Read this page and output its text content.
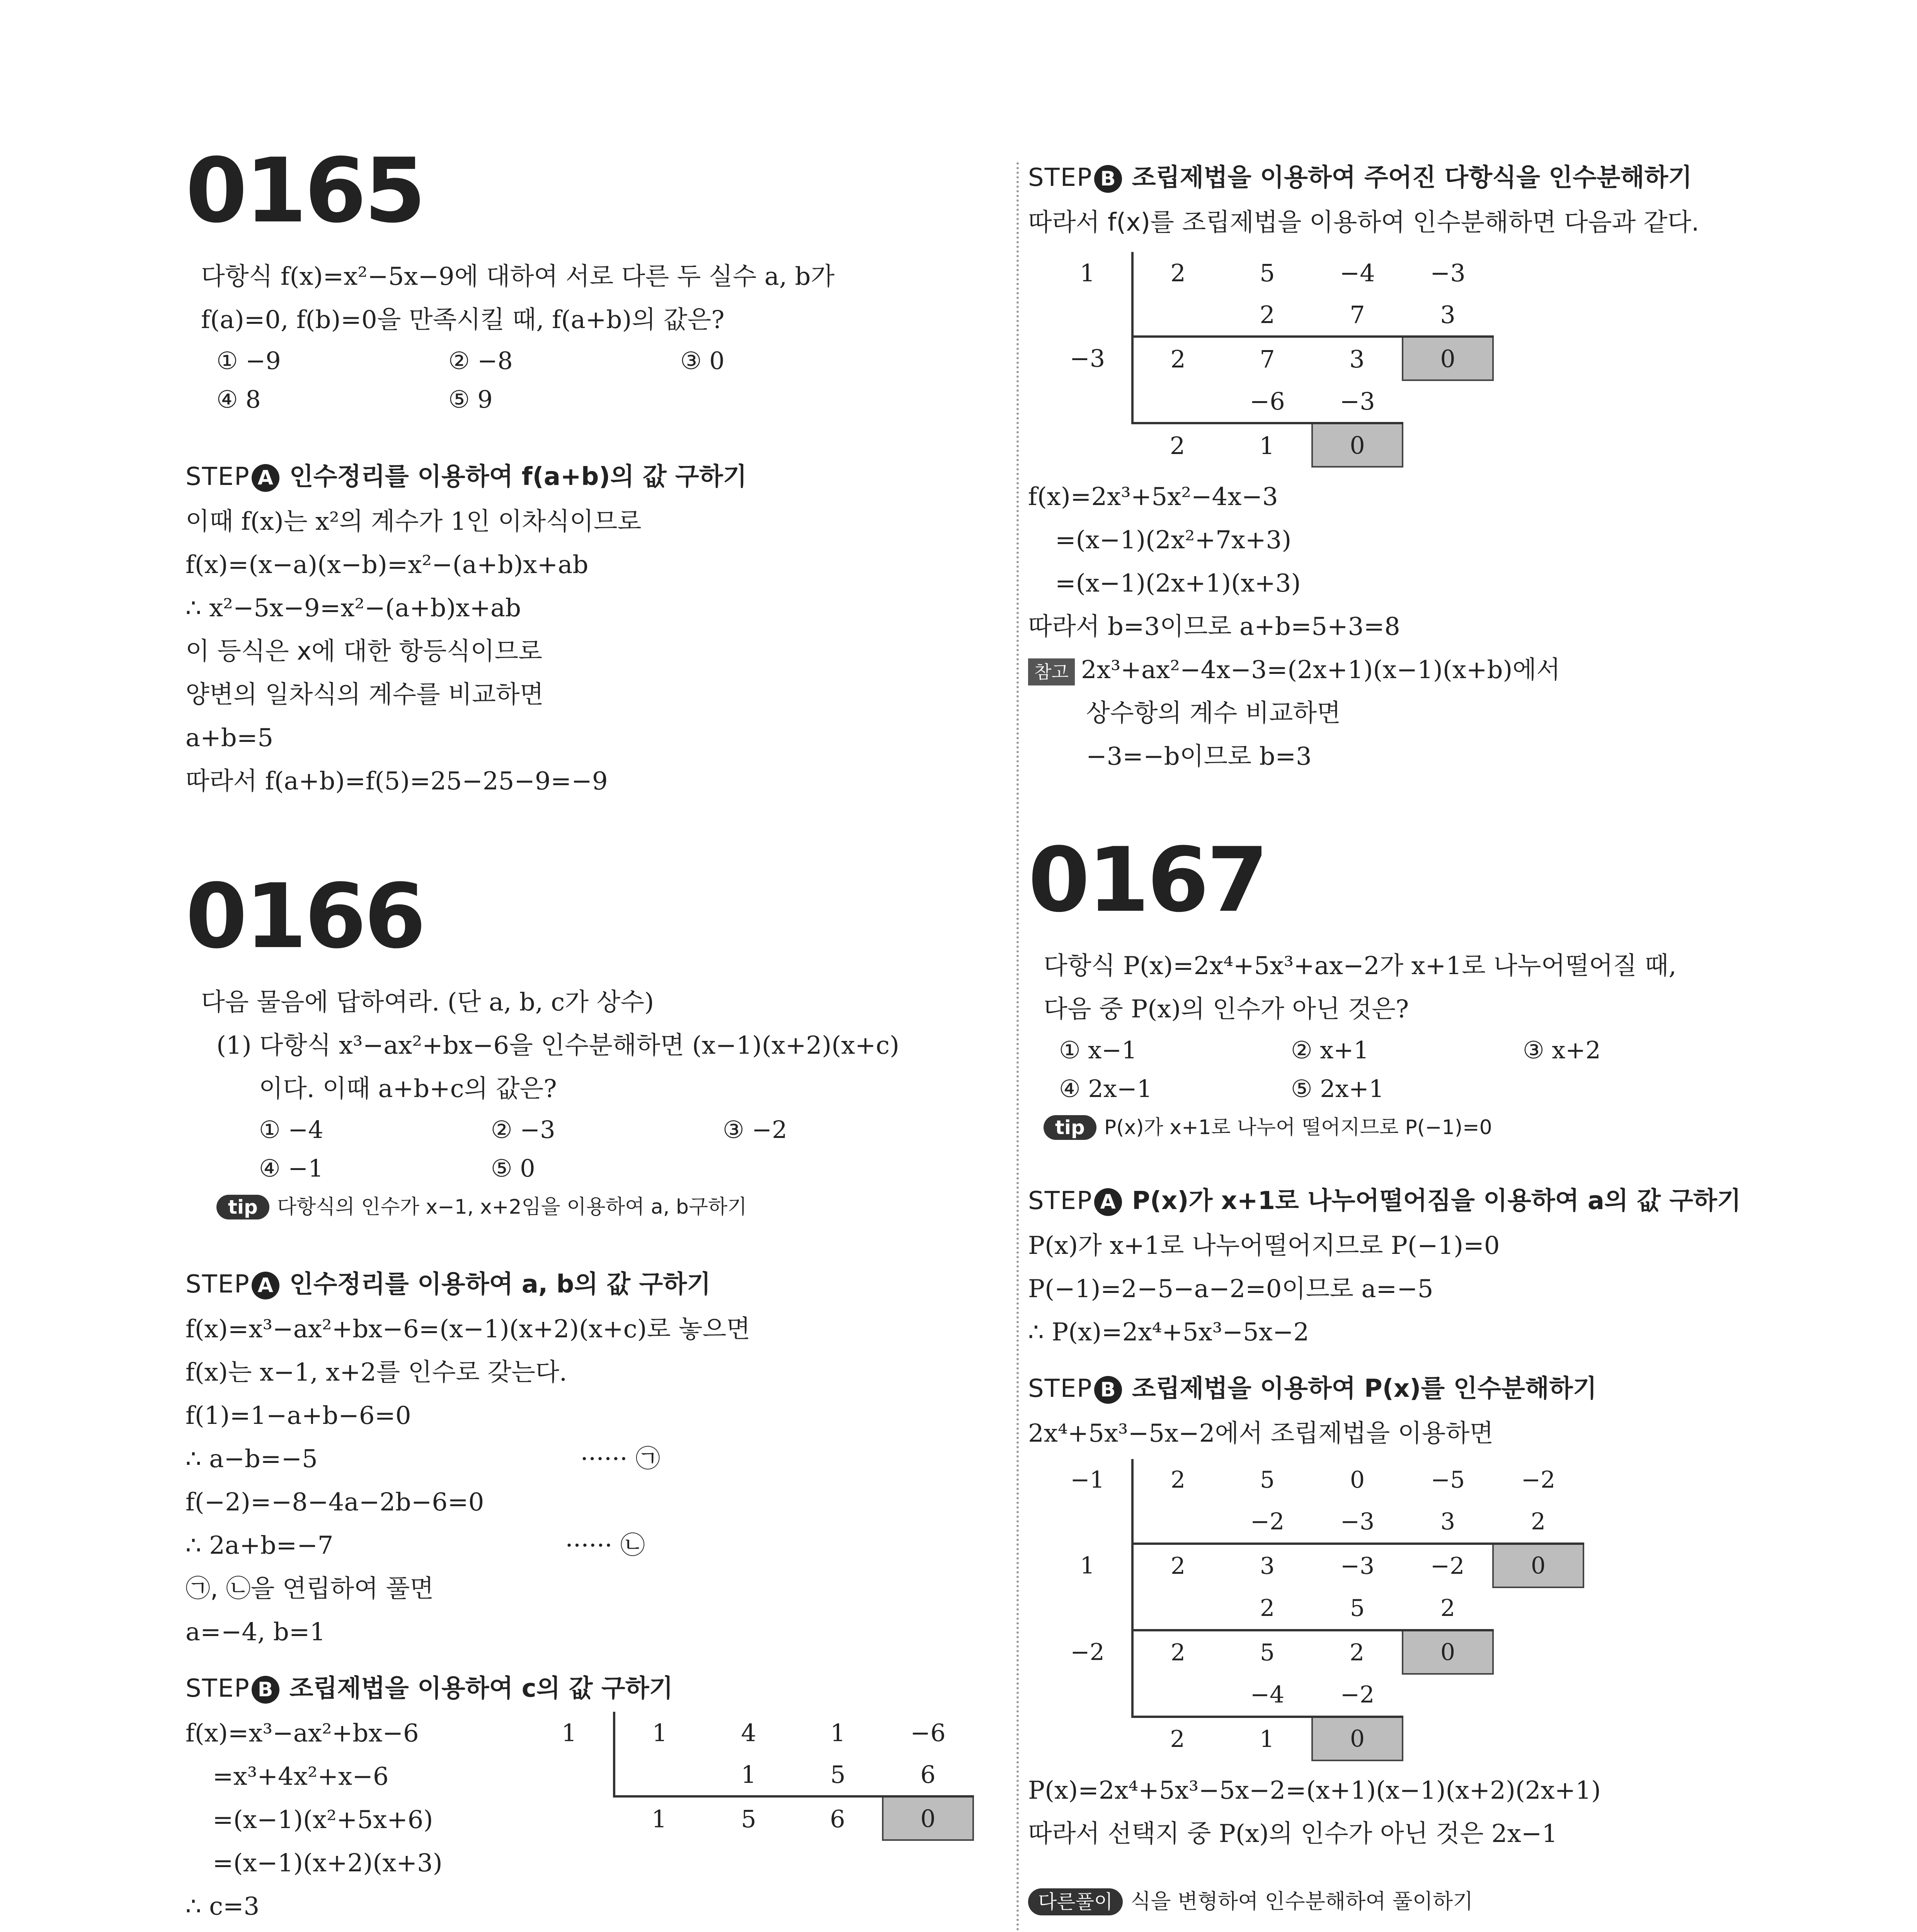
0165
다항식 f(x)=x²−5x−9에 대하여 서로 다른 두 실수 a, b가
f(a)=0, f(b)=0을 만족시킬 때, f(a+b)의 값은?
① −9	② −8	③ 0
④ 8	⑤ 9
STEP A 인수정리를 이용하여 f(a+b)의 값 구하기
이때 f(x)는 x²의 계수가 1인 이차식이므로
f(x)=(x−a)(x−b)=x²−(a+b)x+ab
∴ x²−5x−9=x²−(a+b)x+ab
이 등식은 x에 대한 항등식이므로
양변의 일차식의 계수를 비교하면
a+b=5
따라서 f(a+b)=f(5)=25−25−9=−9
0166
다음 물음에 답하여라. (단 a, b, c가 상수)
(1) 다항식 x³−ax²+bx−6을 인수분해하면 (x−1)(x+2)(x+c)
이다. 이때 a+b+c의 값은?
① −4	② −3	③ −2
④ −1	⑤ 0
tip 다항식의 인수가 x−1, x+2임을 이용하여 a, b구하기
STEP A 인수정리를 이용하여 a, b의 값 구하기
f(x)=x³−ax²+bx−6=(x−1)(x+2)(x+c)로 놓으면
f(x)는 x−1, x+2를 인수로 갖는다.
f(1)=1−a+b−6=0
∴ a−b=−5	······ ㉠
f(−2)=−8−4a−2b−6=0
∴ 2a+b=−7	······ ㉡
㉠, ㉡을 연립하여 풀면
a=−4, b=1
STEP B 조립제법을 이용하여 c의 값 구하기
f(x)=x³−ax²+bx−6
=x³+4x²+x−6
=(x−1)(x²+5x+6)
=(x−1)(x+2)(x+3)
∴ c=3
1	1	4	1	−6
		1	5	6
	1	5	6	0
STEP B 조립제법을 이용하여 주어진 다항식을 인수분해하기
따라서 f(x)를 조립제법을 이용하여 인수분해하면 다음과 같다.
1	2	5	−4	−3
		2	7	3
−3	2	7	3	0
		−6	−3	
	2	1	0	
f(x)=2x³+5x²−4x−3
=(x−1)(2x²+7x+3)
=(x−1)(2x+1)(x+3)
따라서 b=3이므로 a+b=5+3=8
참고 2x³+ax²−4x−3=(2x+1)(x−1)(x+b)에서
상수항의 계수 비교하면
−3=−b이므로 b=3
0167
다항식 P(x)=2x⁴+5x³+ax−2가 x+1로 나누어떨어질 때,
다음 중 P(x)의 인수가 아닌 것은?
① x−1	② x+1	③ x+2
④ 2x−1	⑤ 2x+1
tip P(x)가 x+1로 나누어 떨어지므로 P(−1)=0
STEP A P(x)가 x+1로 나누어떨어짐을 이용하여 a의 값 구하기
P(x)가 x+1로 나누어떨어지므로 P(−1)=0
P(−1)=2−5−a−2=0이므로 a=−5
∴ P(x)=2x⁴+5x³−5x−2
STEP B 조립제법을 이용하여 P(x)를 인수분해하기
2x⁴+5x³−5x−2에서 조립제법을 이용하면
−1	2	5	0	−5	−2
		−2	−3	3	2
1	2	3	−3	−2	0
		2	5	2	
−2	2	5	2	0	
		−4	−2		
	2	1	0		
P(x)=2x⁴+5x³−5x−2=(x+1)(x−1)(x+2)(2x+1)
따라서 선택지 중 P(x)의 인수가 아닌 것은 2x−1
다른풀이 식을 변형하여 인수분해하여 풀이하기
